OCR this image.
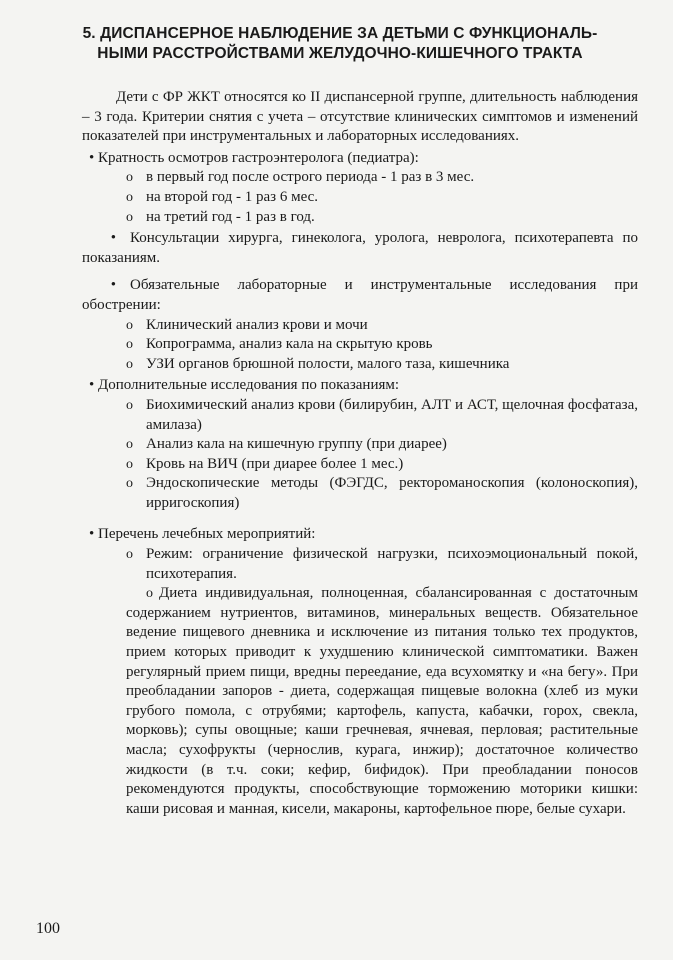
5. ДИСПАНСЕРНОЕ НАБЛЮДЕНИЕ ЗА ДЕТЬМИ С ФУНКЦИОНАЛЬ-
НЫМИ РАССТРОЙСТВАМИ ЖЕЛУДОЧНО-КИШЕЧНОГО ТРАКТА

Дети с ФР ЖКТ относятся ко II диспансерной группе, длительность наблюдения – 3 года. Критерии снятия с учета – отсутствие клинических симптомов и изменений показателей при инструментальных и лабораторных исследованиях.

• Кратность осмотров гастроэнтеролога (педиатра):

о в первый год после острого периода - 1 раз в 3 мес.
о на второй год - 1 раз 6 мес.
о на третий год - 1 раз в год.

• Консультации хирурга, гинеколога, уролога, невролога, психотерапевта по показаниям.

• Обязательные лабораторные и инструментальные исследования при обострении:

о Клинический анализ крови и мочи
о Копрограмма, анализ кала на скрытую кровь
о УЗИ органов брюшной полости, малого таза, кишечника

• Дополнительные исследования по показаниям:

о Биохимический анализ крови (билирубин, АЛТ и АСТ, щелочная фосфатаза, амилаза)
о Анализ кала на кишечную группу (при диарее)
о Кровь на ВИЧ (при диарее более 1 мес.)
о Эндоскопические методы (ФЭГДС, ректороманоскопия (колоноскопия), ирригоскопия)

• Перечень лечебных мероприятий:

о Режим: ограничение физической нагрузки, психоэмоциональный покой, психотерапия.
о Диета индивидуальная, полноценная, сбалансированная с достаточным содержанием нутриентов, витаминов, минеральных веществ. Обязательное ведение пищевого дневника и исключение из питания только тех продуктов, прием которых приводит к ухудшению клинической симптоматики. Важен регулярный прием пищи, вредны переедание, еда всухомятку и «на бегу». При преобладании запоров - диета, содержащая пищевые волокна (хлеб из муки грубого помола, с отрубями; картофель, капуста, кабачки, горох, свекла, морковь); супы овощные; каши гречневая, ячневая, перловая; растительные масла; сухофрукты (чернослив, курага, инжир); достаточное количество жидкости (в т.ч. соки; кефир, бифидок). При преобладании поносов рекомендуются продукты, способствующие торможению моторики кишки: каши рисовая и манная, кисели, макароны, картофельное пюре, белые сухари.
100
